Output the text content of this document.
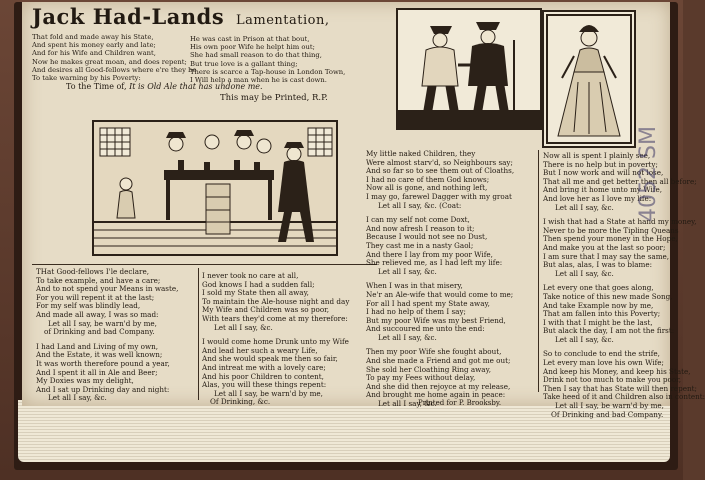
Jack Had-Lands Lamentation,
That fold and made away his State,
And spent his money early and late;
And for his Wife and Children want,
Now he makes great moan, and does repent;
And desires all Good-fellows where e're they be
To take warning by his Poverty:
He was cast in Prison at that bout,
His own poor Wife he helpt him out;
She had small reason to do that thing,
But true love is a gallant thing;
There is scarce a Tap-house in London Town,
I Will help a man when he is cast down.
To the Time of, It is Old Ale that has undone me.
This may be Printed, R.P.
THat Good-fellows I'le declare,
To take example, and have a care;
And to not spend your Means in waste,
For you will repent it at the last;
For my self was blindly lead,
And made all away, I was so mad:
Let all I say, be warn'd by me,
of Drinking and bad Company.
I had Land and Living of my own,
And the Estate, it was well known;
It was worth therefore pound a year,
And I spent it all in Ale and Beer;
My Doxies was my delight,
And I sat up Drinking day and night:
Let all I say, &c.
I never took no care at all,
God knows I had a sudden fall;
I sold my State then all away,
To maintain the Ale-house night and day
My Wife and Children was so poor,
With tears they'd come at my therefore:
Let all I say, &c.
I would come home Drunk unto my Wife
And lead her such a weary Life,
And she would speak me then so fair,
And intreat me with a lovely care;
And his poor Children to content,
Alas, you will these things repent:
Let all I say, be warn'd by me,
Of Drinking, &c.
My little naked Children, they
Were almost starv'd, so Neighbours say;
And so far so to see them out of Cloaths,
I had no care of them God knows;
Now all is gone, and nothing left,
I may go, farewel Dagger with my groat
Let all I say, &c. (Coat:
I can my self not come Doxt,
And now afresh I reason to it;
Because I would not see no Dust,
They cast me in a nasty Gaol;
And there I lay from my poor Wife,
She relieved me, as I had left my life:
Let all I say, &c.
When I was in that misery,
Ne'r an Ale-wife that would come to me;
For all I had spent my State away,
I had no help of them I say;
But my poor Wife was my best Friend,
And succoured me unto the end:
Let all I say, &c.
Then my poor Wife she fought about,
And she made a Friend and got me out;
She sold her Cloathing Ring away,
To pay my Fees without delay,
And she did then rejoyce at my release,
And brought me home again in peace:
Let all I say, &c.
Now all is spent I plainly see,
There is no help but in poverty;
But I now work and will not lose,
That all me and get better then all before;
And bring it home unto my Wife,
And love her as I love my life:
Let all I say, &c.
I wish that had a State at hand my money,
Never to be more the Tipling Queans
Then spend your money in the Hope,
And make you at the last so poor;
I am sure that I may say the same,
But alas, alas, I was to blame:
Let all I say, &c.
Let every one that goes along,
Take notice of this new made Song,
And take Example now by me,
That am fallen into this Poverty;
I with that I might be the last,
But alack the day, I am not the first:
Let all I say, &c.
So to conclude to end the strife,
Let every man love his own Wife;
And keep his Money, and keep his State,
Drink not too much to make you poor,
Then I say that has State will then repent;
Take heed of it and Children also in content:
Let all I say, be warn'd by me,
Of Drinking and bad Company.
Printed for P. Brooksby.
4052 SM
